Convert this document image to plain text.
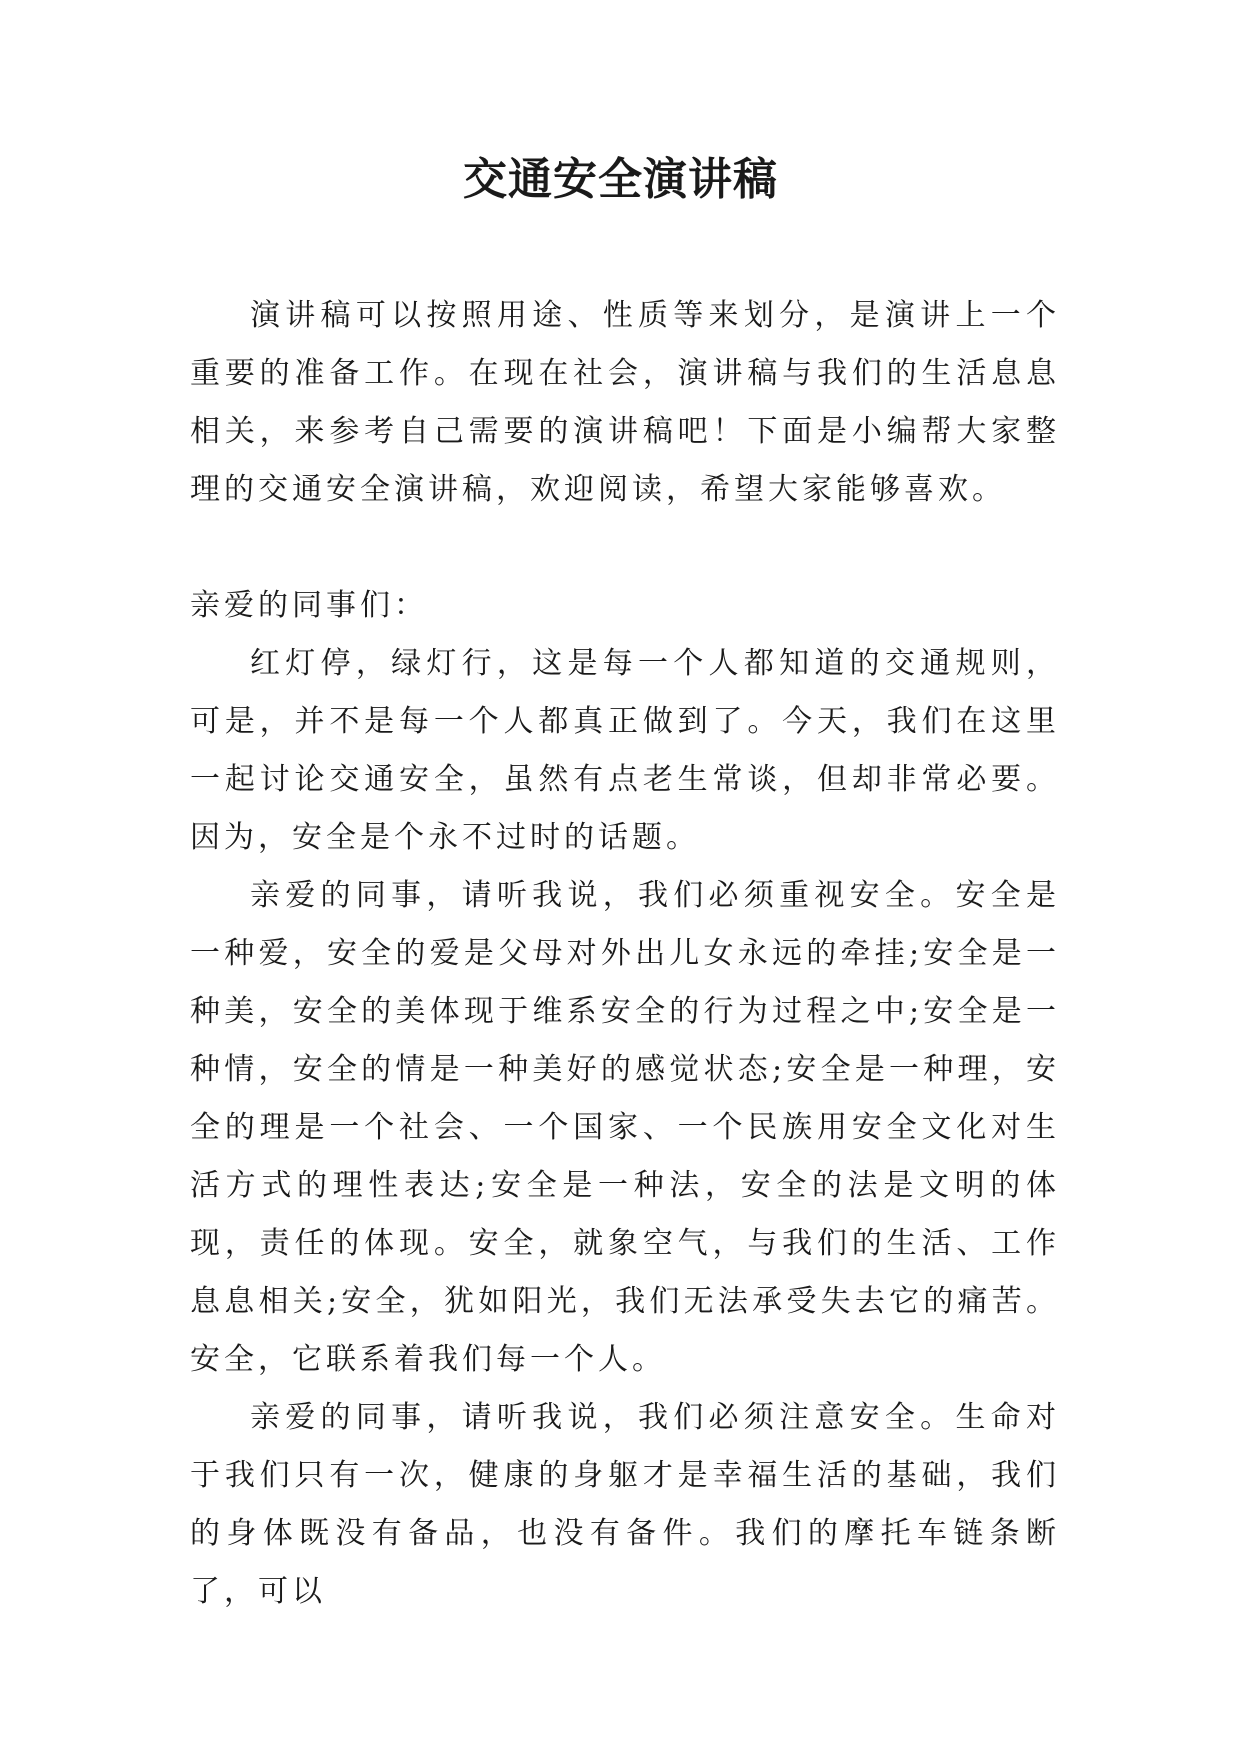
交通安全演讲稿

演讲稿可以按照用途、性质等来划分，是演讲上一个重要的准备工作。在现在社会，演讲稿与我们的生活息息相关，来参考自己需要的演讲稿吧！下面是小编帮大家整理的交通安全演讲稿，欢迎阅读，希望大家能够喜欢。

亲爱的同事们：

红灯停，绿灯行，这是每一个人都知道的交通规则，可是，并不是每一个人都真正做到了。今天，我们在这里一起讨论交通安全，虽然有点老生常谈，但却非常必要。因为，安全是个永不过时的话题。

亲爱的同事，请听我说，我们必须重视安全。安全是一种爱，安全的爱是父母对外出儿女永远的牵挂;安全是一种美，安全的美体现于维系安全的行为过程之中;安全是一种情，安全的情是一种美好的感觉状态;安全是一种理，安全的理是一个社会、一个国家、一个民族用安全文化对生活方式的理性表达;安全是一种法，安全的法是文明的体现，责任的体现。安全，就象空气，与我们的生活、工作息息相关;安全，犹如阳光，我们无法承受失去它的痛苦。安全，它联系着我们每一个人。

亲爱的同事，请听我说，我们必须注意安全。生命对于我们只有一次，健康的身躯才是幸福生活的基础，我们的身体既没有备品，也没有备件。我们的摩托车链条断了，可以
